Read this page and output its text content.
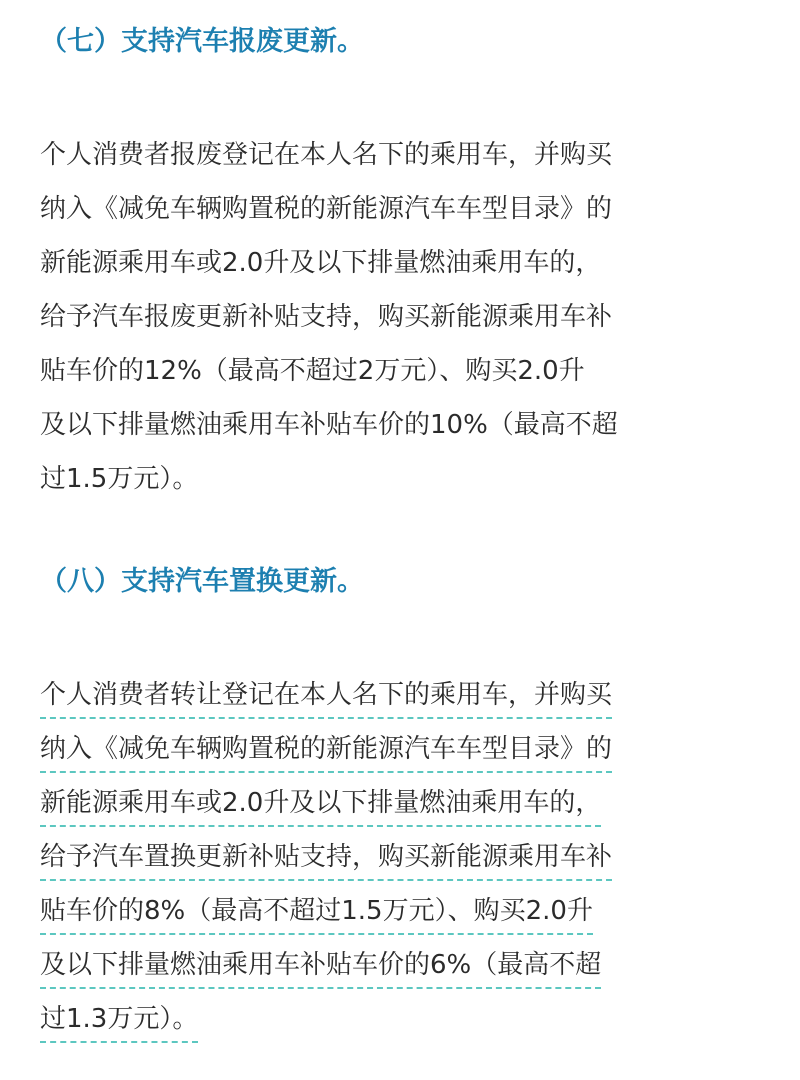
（七）支持汽车报废更新。
个人消费者报废登记在本人名下的乘用车，并购买
纳入《减免车辆购置税的新能源汽车车型目录》的
新能源乘用车或2.0升及以下排量燃油乘用车的，
给予汽车报废更新补贴支持，购买新能源乘用车补
贴车价的12%（最高不超过2万元）、购买2.0升
及以下排量燃油乘用车补贴车价的10%（最高不超
过1.5万元）。
（八）支持汽车置换更新。
个人消费者转让登记在本人名下的乘用车，并购买
纳入《减免车辆购置税的新能源汽车车型目录》的
新能源乘用车或2.0升及以下排量燃油乘用车的，
给予汽车置换更新补贴支持，购买新能源乘用车补
贴车价的8%（最高不超过1.5万元）、购买2.0升
及以下排量燃油乘用车补贴车价的6%（最高不超
过1.3万元）。
